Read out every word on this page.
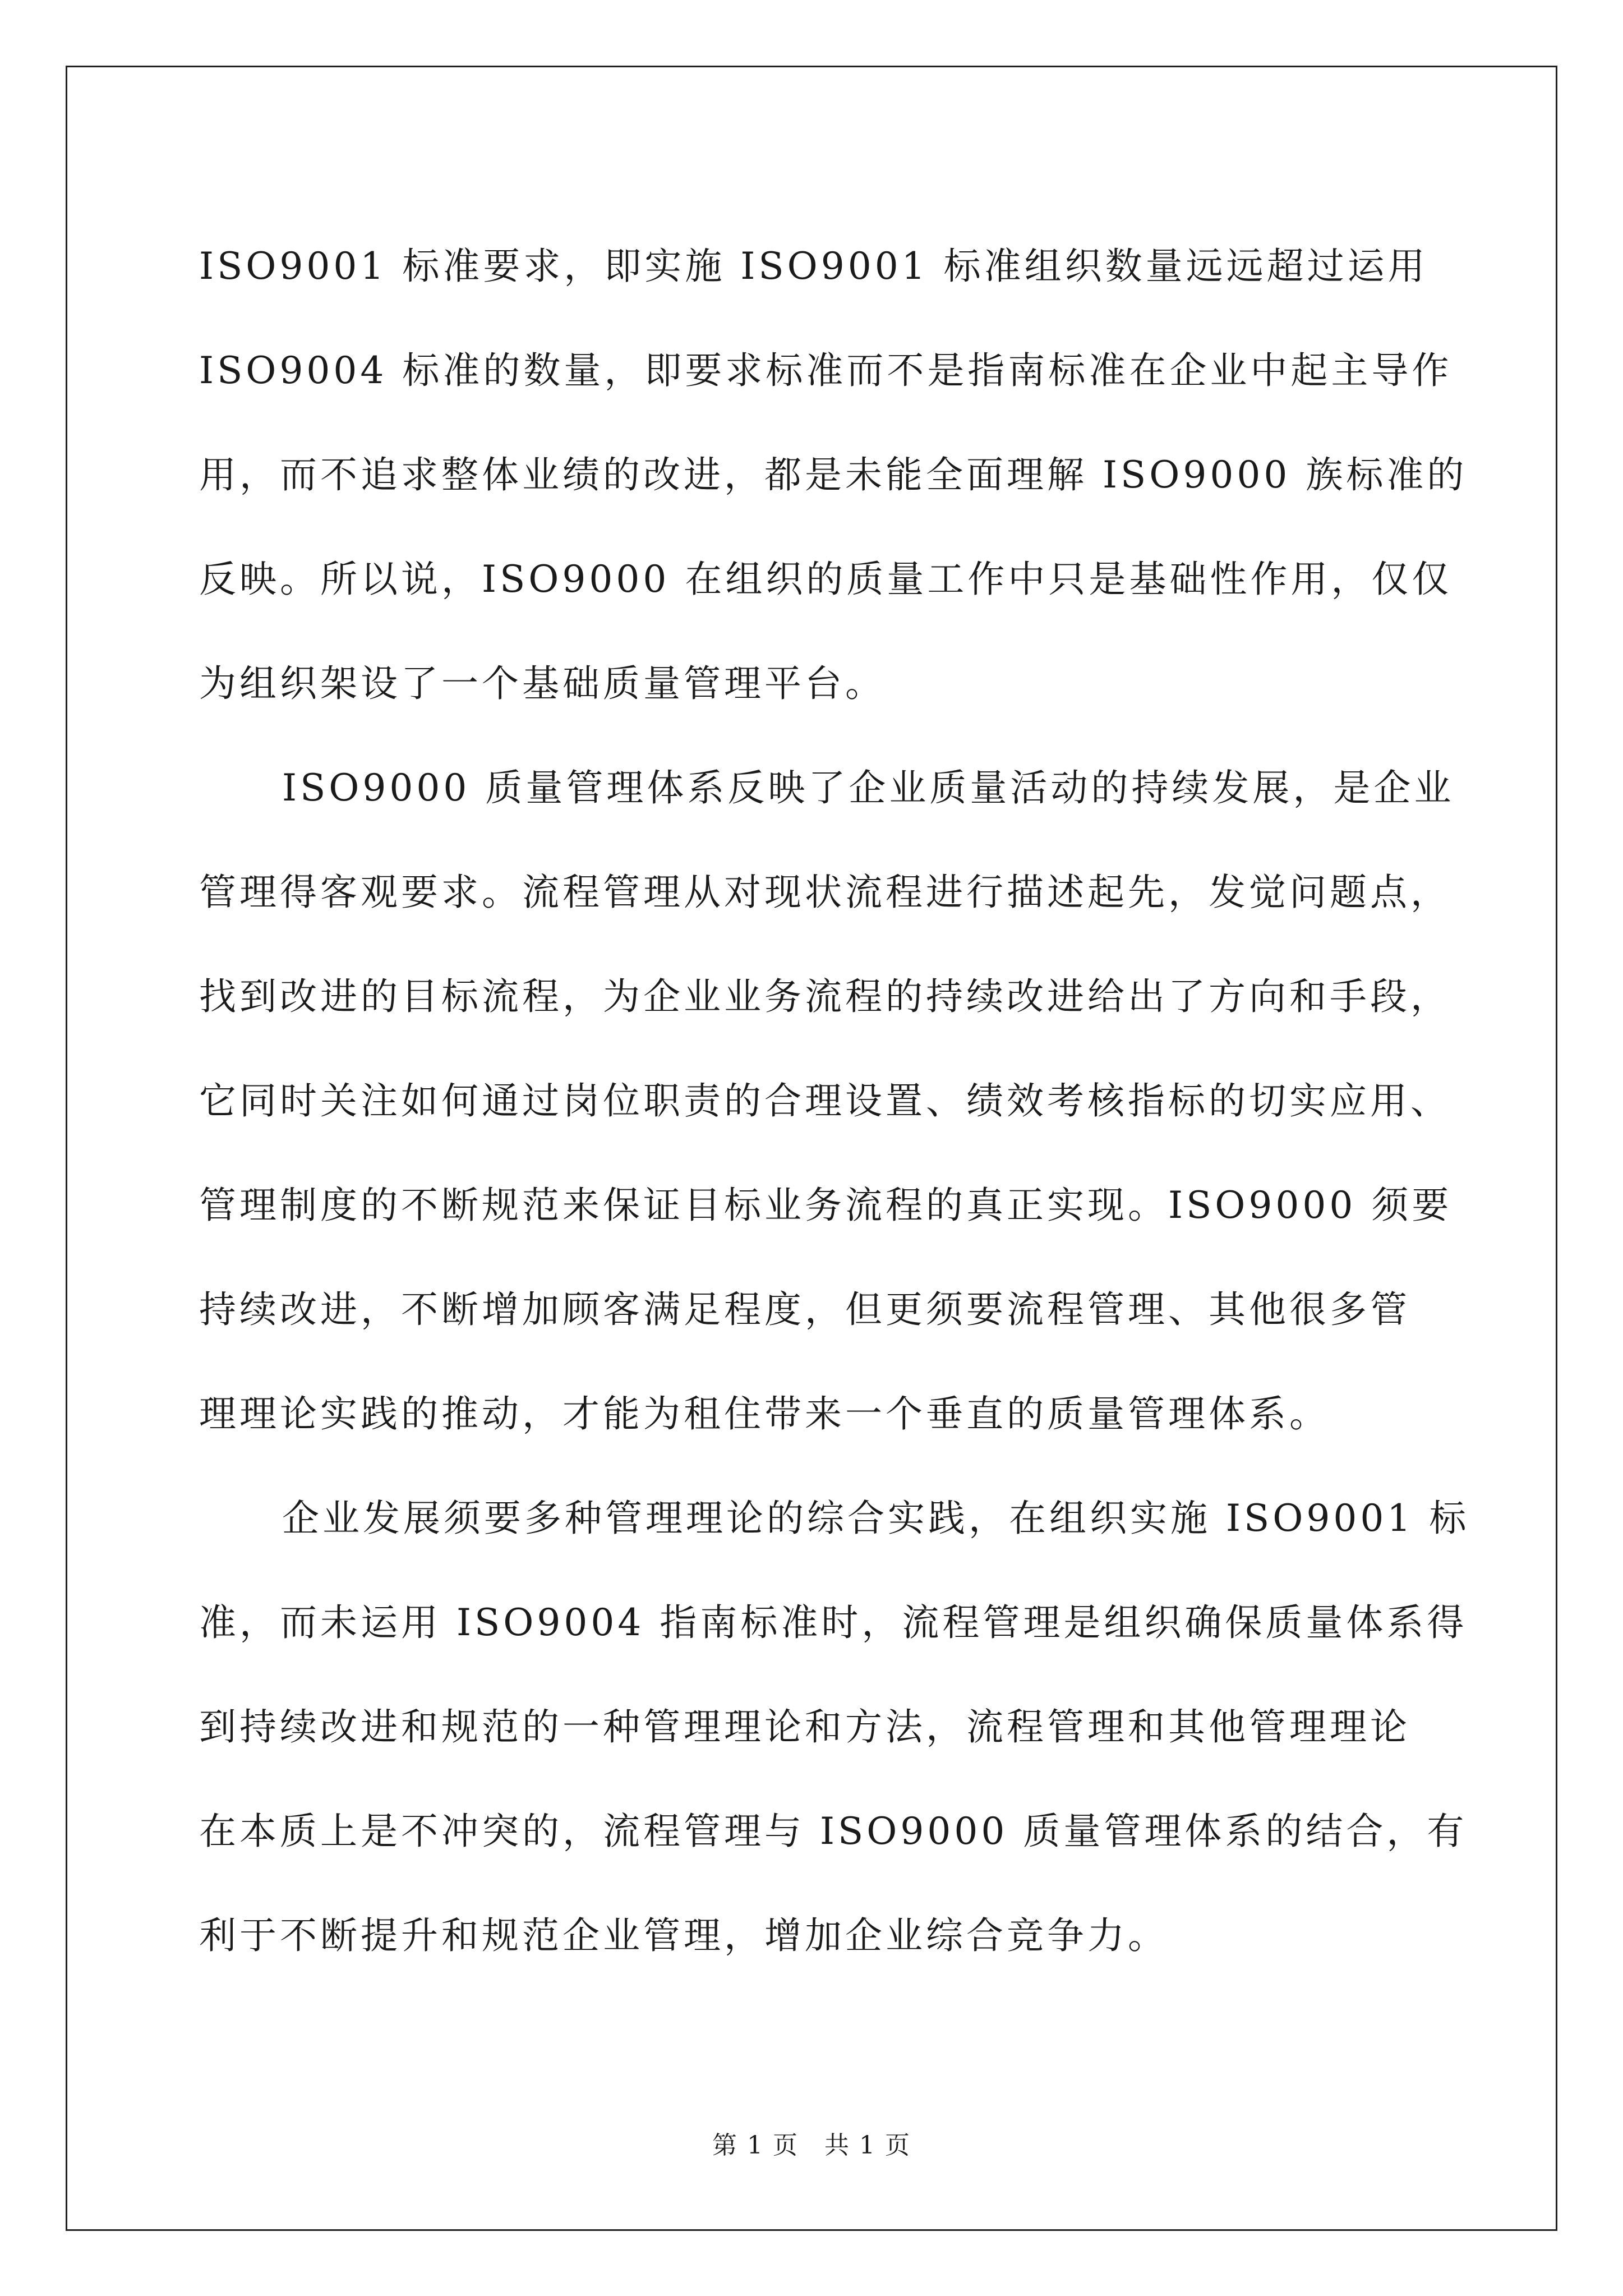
ISO9001 标准要求，即实施 ISO9001 标准组织数量远远超过运用
ISO9004 标准的数量，即要求标准而不是指南标准在企业中起主导作
用，而不追求整体业绩的改进，都是未能全面理解 ISO9000 族标准的
反映。所以说，ISO9000 在组织的质量工作中只是基础性作用，仅仅
为组织架设了一个基础质量管理平台。
ISO9000 质量管理体系反映了企业质量活动的持续发展，是企业
管理得客观要求。流程管理从对现状流程进行描述起先，发觉问题点，
找到改进的目标流程，为企业业务流程的持续改进给出了方向和手段，
它同时关注如何通过岗位职责的合理设置、绩效考核指标的切实应用、
管理制度的不断规范来保证目标业务流程的真正实现。ISO9000 须要
持续改进，不断增加顾客满足程度，但更须要流程管理、其他很多管
理理论实践的推动，才能为租住带来一个垂直的质量管理体系。
企业发展须要多种管理理论的综合实践，在组织实施 ISO9001 标
准，而未运用 ISO9004 指南标准时，流程管理是组织确保质量体系得
到持续改进和规范的一种管理理论和方法，流程管理和其他管理理论
在本质上是不冲突的，流程管理与 ISO9000 质量管理体系的结合，有
利于不断提升和规范企业管理，增加企业综合竞争力。
第 1 页　共 1 页
